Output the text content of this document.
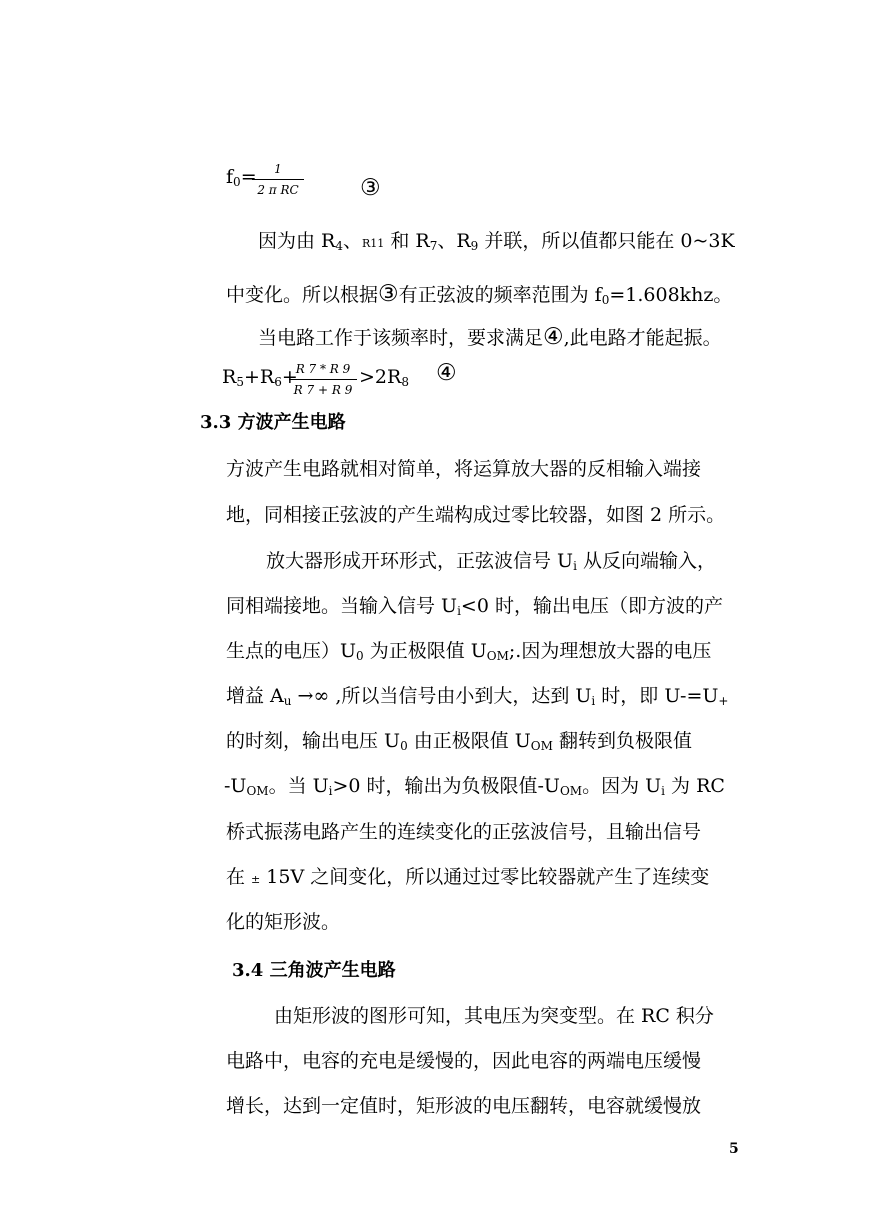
$f_0=$	1
2 π RC	③
因为由 $R_4$、R11 和 $R_7$、$R_9$ 并联，所以值都只能在 0~3K
中变化。所以根据③有正弦波的频率范围为 $f_0=1.608khz$。
当电路工作于该频率时，要求满足④,此电路才能起振。
$R_5+R_6+$
R 7 * R 9
R 7 + R 9
$>2R_8$ ④
3.3 方波产生电路
方波产生电路就相对简单，将运算放大器的反相输入端接
地，同相接正弦波的产生端构成过零比较器，如图 2 所示。
放大器形成开环形式，正弦波信号 $U_i$ 从反向端输入，
同相端接地。当输入信号 $U_i<0$ 时，输出电压（即方波的产
生点的电压）$U_0$ 为正极限值 $U_{OM}$;.因为理想放大器的电压
增益 $A_u$ →∞ ,所以当信号由小到大，达到 $U_i$ 时，即 $U-=U_+$
的时刻，输出电压 $U_0$ 由正极限值 $U_{OM}$ 翻转到负极限值
$-U_{OM}$。当 $U_i>0$ 时，输出为负极限值$-U_{OM}$。因为 $U_i$ 为 RC
桥式振荡电路产生的连续变化的正弦波信号，且输出信号
在 ± 15V 之间变化，所以通过过零比较器就产生了连续变
化的矩形波。
3.4 三角波产生电路
由矩形波的图形可知，其电压为突变型。在 RC 积分
电路中，电容的充电是缓慢的，因此电容的两端电压缓慢
增长，达到一定值时，矩形波的电压翻转，电容就缓慢放
5
